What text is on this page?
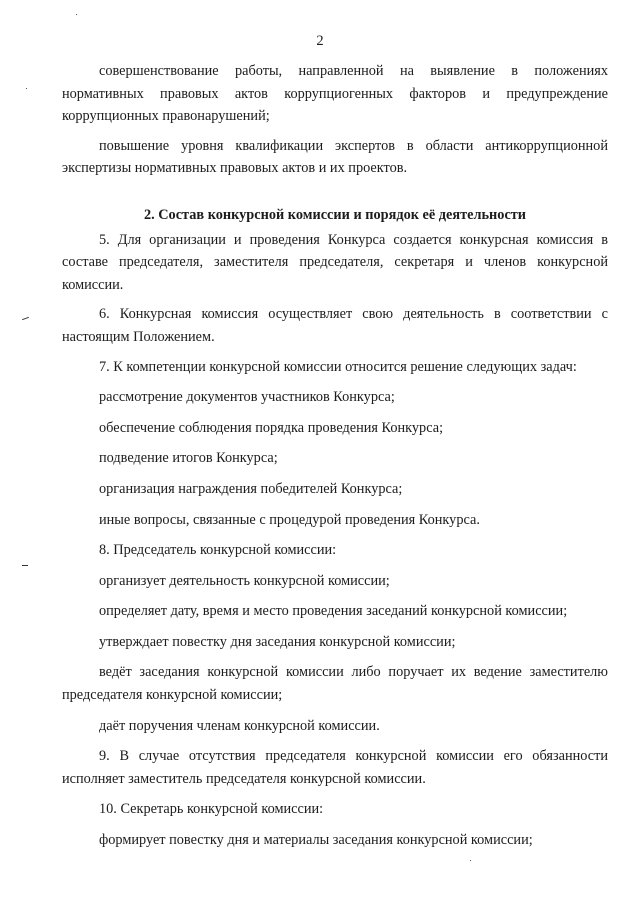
2

совершенствование работы, направленной на выявление в положениях нормативных правовых актов коррупциогенных факторов и предупреждение коррупционных правонарушений;

повышение уровня квалификации экспертов в области антикоррупционной экспертизы нормативных правовых актов и их проектов.

2. Состав конкурсной комиссии и порядок её деятельности

5. Для организации и проведения Конкурса создается конкурсная комиссия в составе председателя, заместителя председателя, секретаря и членов конкурсной комиссии.

6. Конкурсная комиссия осуществляет свою деятельность в соответствии с настоящим Положением.

7. К компетенции конкурсной комиссии относится решение следующих задач:

рассмотрение документов участников Конкурса;

обеспечение соблюдения порядка проведения Конкурса;

подведение итогов Конкурса;

организация награждения победителей Конкурса;

иные вопросы, связанные с процедурой проведения Конкурса.

8. Председатель конкурсной комиссии:

организует деятельность конкурсной комиссии;

определяет дату, время и место проведения заседаний конкурсной комиссии;

утверждает повестку дня заседания конкурсной комиссии;

ведёт заседания конкурсной комиссии либо поручает их ведение заместителю председателя конкурсной комиссии;

даёт поручения членам конкурсной комиссии.

9. В случае отсутствия председателя конкурсной комиссии его обязанности исполняет заместитель председателя конкурсной комиссии.

10. Секретарь конкурсной комиссии:

формирует повестку дня и материалы заседания конкурсной комиссии;
